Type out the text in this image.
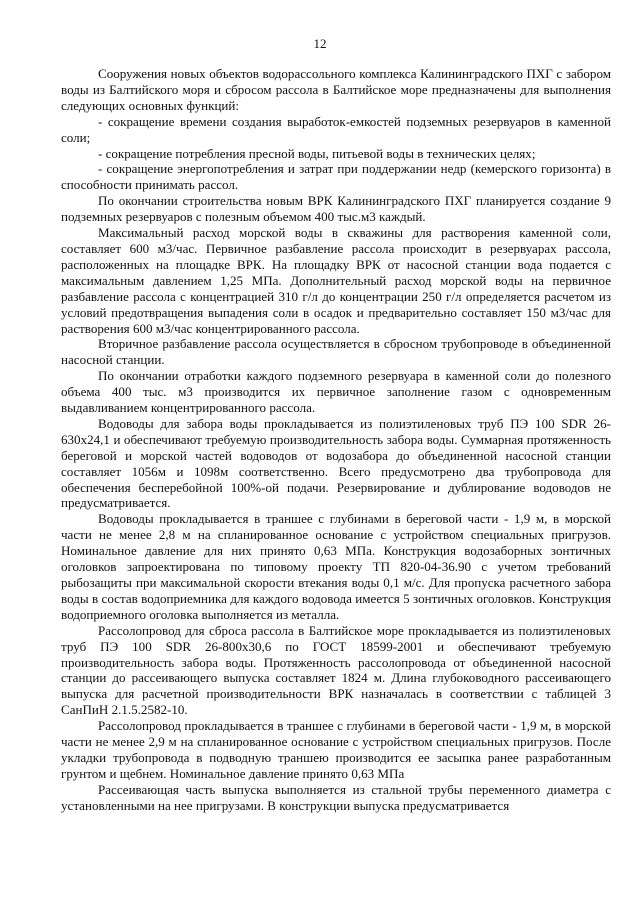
12

Сооружения новых объектов водорассольного комплекса Калининградского ПХГ с забором воды из Балтийского моря и сбросом рассола в Балтийское море предназначены для выполнения следующих основных функций:

- сокращение времени создания выработок-емкостей подземных резервуаров в каменной соли;

- сокращение потребления пресной воды, питьевой воды в технических целях;

- сокращение энергопотребления и затрат при поддержании недр (кемерского горизонта) в способности принимать рассол.

По окончании строительства новым ВРК Калининградского ПХГ планируется создание 9 подземных резервуаров с полезным объемом 400 тыс.м3 каждый.

Максимальный расход морской воды в скважины для растворения каменной соли, составляет 600 м3/час. Первичное разбавление рассола происходит в резервуарах рассола, расположенных на площадке ВРК. На площадку ВРК от насосной станции вода подается с максимальным давлением 1,25 МПа. Дополнительный расход морской воды на первичное разбавление рассола с концентрацией 310 г/л до концентрации 250 г/л определяется расчетом из условий предотвращения выпадения соли в осадок и предварительно составляет 150 м3/час для растворения 600 м3/час концентрированного рассола.

Вторичное разбавление рассола осуществляется в сбросном трубопроводе в объединенной насосной станции.

По окончании отработки каждого подземного резервуара в каменной соли до полезного объема 400 тыс. м3 производится их первичное заполнение газом с одновременным выдавливанием концентрированного рассола.

Водоводы для забора воды прокладывается из полиэтиленовых труб ПЭ 100 SDR 26-630х24,1 и обеспечивают требуемую производительность забора воды. Суммарная протяженность береговой и морской частей водоводов от водозабора до объединенной насосной станции составляет 1056м и 1098м соответственно. Всего предусмотрено два трубопровода для обеспечения бесперебойной 100%-ой подачи. Резервирование и дублирование водоводов не предусматривается.

Водоводы прокладывается в траншее с глубинами в береговой части - 1,9 м, в морской части не менее 2,8 м на спланированное основание с устройством специальных пригрузов. Номинальное давление для них принято 0,63 МПа. Конструкция водозаборных зонтичных оголовков запроектирована по типовому проекту ТП 820-04-36.90 с учетом требований рыбозащиты при максимальной скорости втекания воды 0,1 м/с. Для пропуска расчетного забора воды в состав водоприемника для каждого водовода имеется 5 зонтичных оголовков. Конструкция водоприемного оголовка выполняется из металла.

Рассолопровод для сброса рассола в Балтийское море прокладывается из полиэтиленовых труб ПЭ 100 SDR 26-800х30,6 по ГОСТ 18599-2001 и обеспечивают требуемую производительность забора воды. Протяженность рассолопровода от объединенной насосной станции до рассеивающего выпуска составляет 1824 м. Длина глубоководного рассеивающего выпуска для расчетной производительности ВРК назначалась в соответствии с таблицей 3 СанПиН 2.1.5.2582-10.

Рассолопровод прокладывается в траншее с глубинами в береговой части - 1,9 м, в морской части не менее 2,9 м на спланированное основание с устройством специальных пригрузов. После укладки трубопровода в подводную траншею производится ее засыпка ранее разработанным грунтом и щебнем. Номинальное давление принято 0,63 МПа

Рассеивающая часть выпуска выполняется из стальной трубы переменного диаметра с установленными на нее пригрузами. В конструкции выпуска предусматривается
